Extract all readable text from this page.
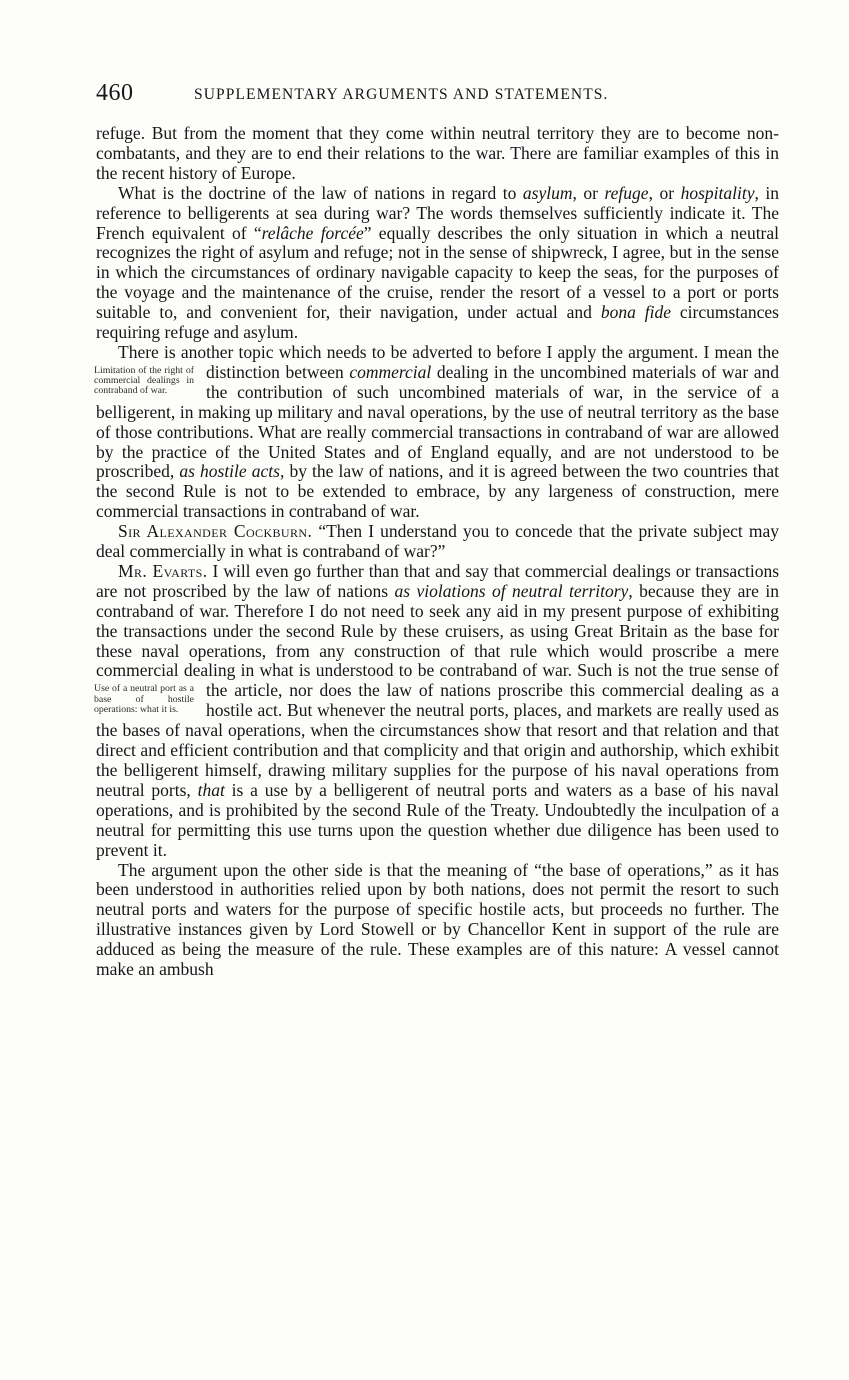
460	SUPPLEMENTARY ARGUMENTS AND STATEMENTS.

refuge. But from the moment that they come within neutral territory they are to become non-combatants, and they are to end their relations to the war. There are familiar examples of this in the recent history of Europe.

What is the doctrine of the law of nations in regard to asylum, or refuge, or hospitality, in reference to belligerents at sea during war? The words themselves sufficiently indicate it. The French equivalent of “relâche forcée” equally describes the only situation in which a neutral recognizes the right of asylum and refuge; not in the sense of shipwreck, I agree, but in the sense in which the circumstances of ordinary navigable capacity to keep the seas, for the purposes of the voyage and the maintenance of the cruise, render the resort of a vessel to a port or ports suitable to, and convenient for, their navigation, under actual and bona fide circumstances requiring refuge and asylum.

There is another topic which needs to be adverted to before I apply the argument. I mean the distinction between
Limitation of the right of commercial dealings in contraband of war.
commercial dealing in the uncombined materials of war and the contribution of such uncombined materials of war, in the service of a belligerent, in making up military and naval operations, by the use of neutral territory as the base of those contributions. What are really commercial transactions in contraband of war are allowed by the practice of the United States and of England equally, and are not understood to be proscribed, as hostile acts, by the law of nations, and it is agreed between the two countries that the second Rule is not to be extended to embrace, by any largeness of construction, mere commercial transactions in contraband of war.

Sir Alexander Cockburn. “Then I understand you to concede that the private subject may deal commercially in what is contraband of war?”

Mr. Evarts. I will even go further than that and say that commercial dealings or transactions are not proscribed by the law of nations as violations of neutral territory, because they are in contraband of war. Therefore I do not need to seek any aid in my present purpose of exhibiting the transactions under the second Rule by these cruisers, as using Great Britain as the base for these naval operations, from any construction of that rule which would proscribe a mere commercial dealing in what is understood to be contraband of war. Such is not the true sense of the article, nor does the law of nations proscribe this com
Use of a neutral port as a base of hostile operations: what it is.
mercial dealing as a hostile act. But whenever the neutral ports, places, and markets are really used as the bases of naval operations, when the circumstances show that resort and that relation and that direct and efficient contribution and that complicity and that origin and authorship, which exhibit the belligerent himself, drawing military supplies for the purpose of his naval operations from neutral ports, that is a use by a belligerent of neutral ports and waters as a base of his naval operations, and is prohibited by the second Rule of the Treaty. Undoubtedly the inculpation of a neutral for permitting this use turns upon the question whether due diligence has been used to prevent it.

The argument upon the other side is that the meaning of “the base of operations,” as it has been understood in authorities relied upon by both nations, does not permit the resort to such neutral ports and waters for the purpose of specific hostile acts, but proceeds no further. The illustrative instances given by Lord Stowell or by Chancellor Kent in support of the rule are adduced as being the measure of the rule. These examples are of this nature: A vessel cannot make an ambush
